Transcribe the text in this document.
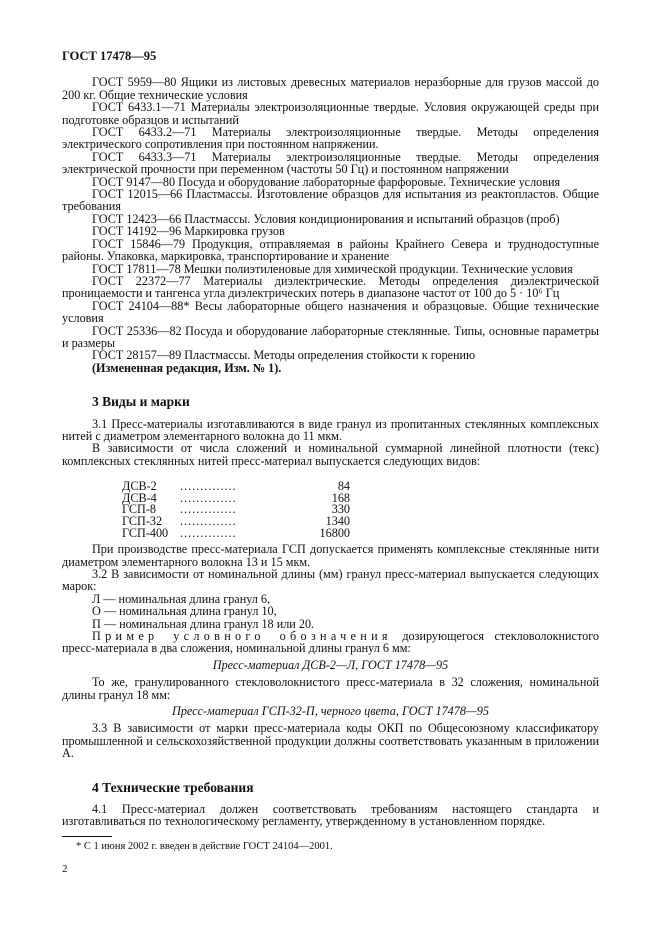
ГОСТ 17478—95

ГОСТ 5959—80 Ящики из листовых древесных материалов неразборные для грузов массой до 200 кг. Общие технические условия

ГОСТ 6433.1—71 Материалы электроизоляционные твердые. Условия окружающей среды при подготовке образцов и испытаний

ГОСТ 6433.2—71 Материалы электроизоляционные твердые. Методы определения электрического сопротивления при постоянном напряжении.

ГОСТ 6433.3—71 Материалы электроизоляционные твердые. Методы определения электрической прочности при переменном (частоты 50 Гц) и постоянном напряжении

ГОСТ 9147—80 Посуда и оборудование лабораторные фарфоровые. Технические условия

ГОСТ 12015—66 Пластмассы. Изготовление образцов для испытания из реактопластов. Общие требования

ГОСТ 12423—66 Пластмассы. Условия кондиционирования и испытаний образцов (проб)

ГОСТ 14192—96 Маркировка грузов

ГОСТ 15846—79 Продукция, отправляемая в районы Крайнего Севера и труднодоступные районы. Упаковка, маркировка, транспортирование и хранение

ГОСТ 17811—78 Мешки полиэтиленовые для химической продукции. Технические условия

ГОСТ 22372—77 Материалы диэлектрические. Методы определения диэлектрической проницаемости и тангенса угла диэлектрических потерь в диапазоне частот от 100 до 5 · 10⁶ Гц

ГОСТ 24104—88* Весы лабораторные общего назначения и образцовые. Общие технические условия

ГОСТ 25336—82 Посуда и оборудование лабораторные стеклянные. Типы, основные параметры и размеры

ГОСТ 28157—89 Пластмассы. Методы определения стойкости к горению

(Измененная редакция, Изм. № 1).

3 Виды и марки

3.1 Пресс-материалы изготавливаются в виде гранул из пропитанных стеклянных комплексных нитей с диаметром элементарного волокна до 11 мкм.

В зависимости от числа сложений и номинальной суммарной линейной плотности (текс) комплексных стеклянных нитей пресс-материал выпускается следующих видов:

ДСВ-2	..............	84
ДСВ-4	..............	168
ГСП-8	..............	330
ГСП-32	..............	1340
ГСП-400 ..............	16800

При производстве пресс-материала ГСП допускается применять комплексные стеклянные нити диаметром элементарного волокна 13 и 15 мкм.

3.2 В зависимости от номинальной длины (мм) гранул пресс-материал выпускается следующих марок:

Л — номинальная длина гранул 6,

О — номинальная длина гранул 10,

П — номинальная длина гранул 18 или 20.

Пример условного обозначения дозирующегося стекловолокнистого пресс-материала в два сложения, номинальной длины гранул 6 мм:

Пресс-материал ДСВ-2—Л, ГОСТ 17478—95

То же, гранулированного стекловолокнистого пресс-материала в 32 сложения, номинальной длины гранул 18 мм:

Пресс-материал ГСП-32-П, черного цвета, ГОСТ 17478—95

3.3 В зависимости от марки пресс-материала коды ОКП по Общесоюзному классификатору промышленной и сельскохозяйственной продукции должны соответствовать указанным в приложении А.

4 Технические требования

4.1 Пресс-материал должен соответствовать требованиям настоящего стандарта и изготавливаться по технологическому регламенту, утвержденному в установленном порядке.

* С 1 июня 2002 г. введен в действие ГОСТ 24104—2001.

2
